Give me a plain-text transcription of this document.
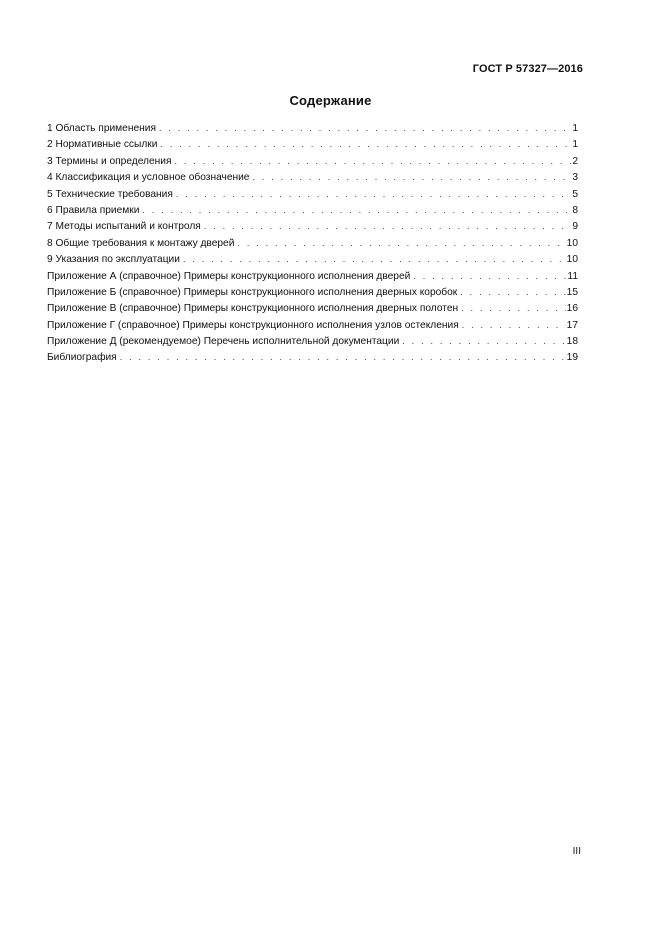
ГОСТ Р 57327—2016
Содержание
1 Область применения . . .	1
2 Нормативные ссылки . . .	1
3 Термины и определения . . .	2
4 Классификация и условное обозначение . . .	3
5 Технические требования . . .	5
6 Правила приемки . . .	8
7 Методы испытаний и контроля . . .	9
8 Общие требования к монтажу дверей . . .	10
9 Указания по эксплуатации . . .	10
Приложение А (справочное) Примеры конструкционного исполнения дверей . . .	11
Приложение Б (справочное) Примеры конструкционного исполнения дверных коробок . . .	15
Приложение В (справочное) Примеры конструкционного исполнения дверных полотен . . .	16
Приложение Г (справочное) Примеры конструкционного исполнения узлов остекления . . .	17
Приложение Д (рекомендуемое) Перечень исполнительной документации . . .	18
Библиография . . .	19
III
